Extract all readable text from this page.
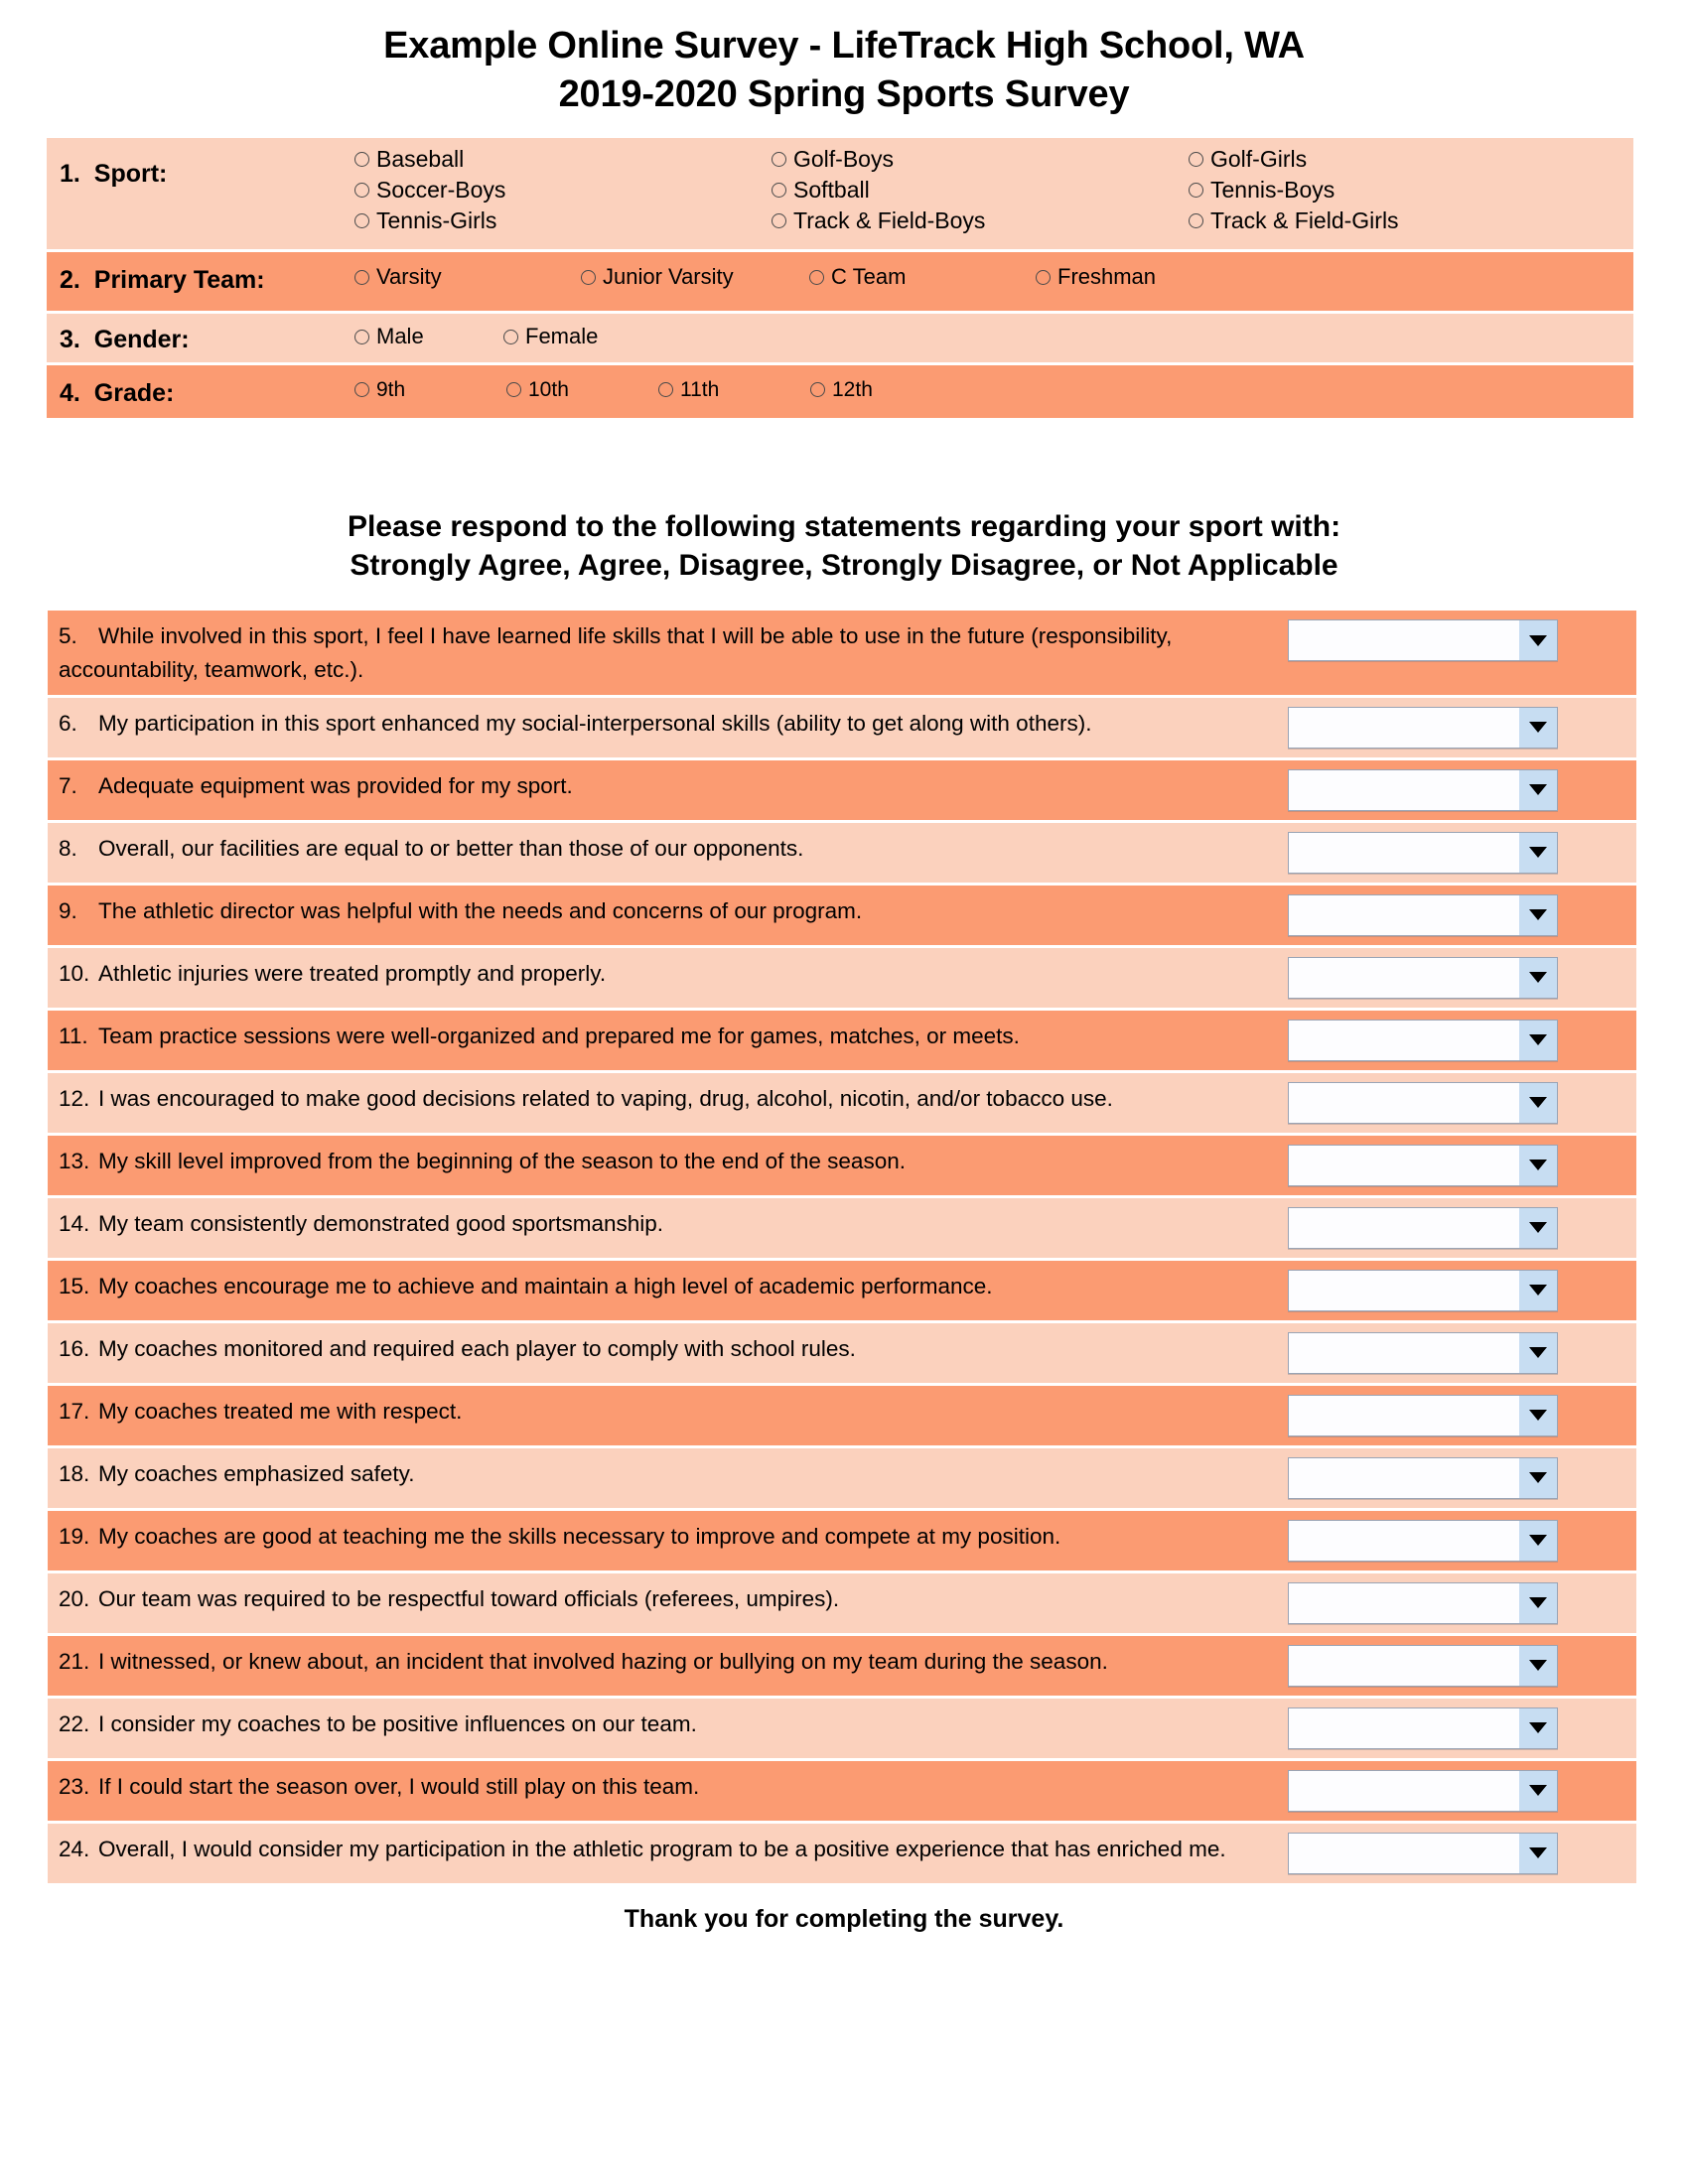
Example Online Survey - LifeTrack High School, WA
2019-2020 Spring Sports Survey
1. Sport:
Baseball	Golf-Boys	Golf-Girls
Soccer-Boys	Softball	Tennis-Boys
Tennis-Girls	Track & Field-Boys	Track & Field-Girls
2. Primary Team:	Varsity	Junior Varsity	C Team	Freshman
3. Gender:	Male	Female
4. Grade:	9th	10th	11th	12th
Please respond to the following statements regarding your sport with:
Strongly Agree, Agree, Disagree, Strongly Disagree, or Not Applicable
5. While involved in this sport, I feel I have learned life skills that I will be able to use in the future (responsibility, accountability, teamwork, etc.).
6. My participation in this sport enhanced my social-interpersonal skills (ability to get along with others).
7. Adequate equipment was provided for my sport.
8. Overall, our facilities are equal to or better than those of our opponents.
9. The athletic director was helpful with the needs and concerns of our program.
10. Athletic injuries were treated promptly and properly.
11. Team practice sessions were well-organized and prepared me for games, matches, or meets.
12. I was encouraged to make good decisions related to vaping, drug, alcohol, nicotin, and/or tobacco use.
13. My skill level improved from the beginning of the season to the end of the season.
14. My team consistently demonstrated good sportsmanship.
15. My coaches encourage me to achieve and maintain a high level of academic performance.
16. My coaches monitored and required each player to comply with school rules.
17. My coaches treated me with respect.
18. My coaches emphasized safety.
19. My coaches are good at teaching me the skills necessary to improve and compete at my position.
20. Our team was required to be respectful toward officials (referees, umpires).
21. I witnessed, or knew about, an incident that involved hazing or bullying on my team during the season.
22. I consider my coaches to be positive influences on our team.
23. If I could start the season over, I would still play on this team.
24. Overall, I would consider my participation in the athletic program to be a positive experience that has enriched me.
Thank you for completing the survey.
